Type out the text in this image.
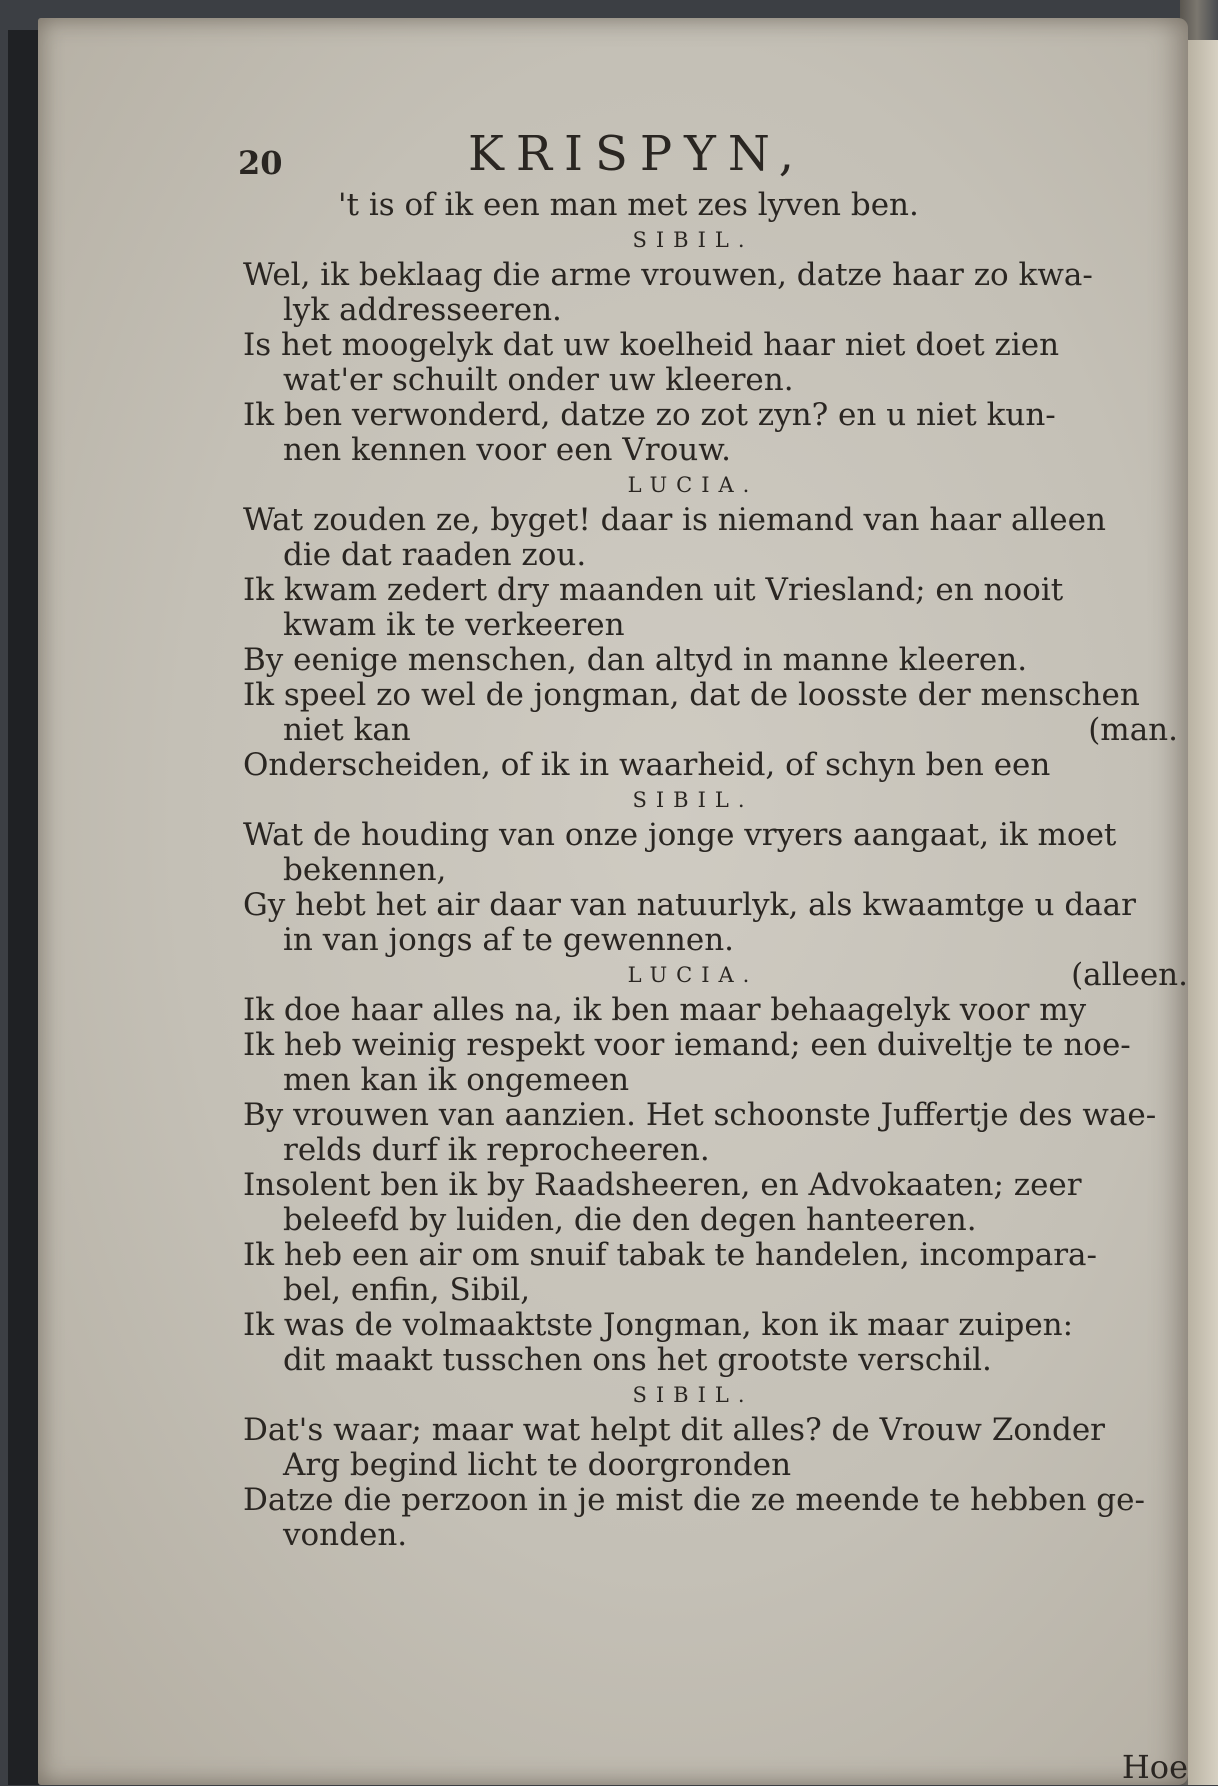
20	KRISPYN,
't is of ik een man met zes lyven ben.
SIBIL.
Wel, ik beklaag die arme vrouwen, datze haar zo kwa-
lyk addresseeren.
Is het moogelyk dat uw koelheid haar niet doet zien
wat'er schuilt onder uw kleeren.
Ik ben verwonderd, datze zo zot zyn? en u niet kun-
nen kennen voor een Vrouw.
LUCIA.
Wat zouden ze, byget! daar is niemand van haar alleen
die dat raaden zou.
Ik kwam zedert dry maanden uit Vriesland; en nooit
kwam ik te verkeeren
By eenige menschen, dan altyd in manne kleeren.
Ik speel zo wel de jongman, dat de loosste der menschen
niet kan	(man.
Onderscheiden, of ik in waarheid, of schyn ben een
SIBIL.
Wat de houding van onze jonge vryers aangaat, ik moet
bekennen,
Gy hebt het air daar van natuurlyk, als kwaamtge u daar
in van jongs af te gewennen.
LUCIA.	(alleen.
Ik doe haar alles na, ik ben maar behaagelyk voor my
Ik heb weinig respekt voor iemand; een duiveltje te noe-
men kan ik ongemeen
By vrouwen van aanzien. Het schoonste Juffertje des wae-
relds durf ik reprocheeren.
Insolent ben ik by Raadsheeren, en Advokaaten; zeer
beleefd by luiden, die den degen hanteeren.
Ik heb een air om snuif tabak te handelen, incompara-
bel, enfin, Sibil,
Ik was de volmaaktste Jongman, kon ik maar zuipen:
dit maakt tusschen ons het grootste verschil.
SIBIL.
Dat's waar; maar wat helpt dit alles? de Vrouw Zonder
Arg begind licht te doorgronden
Datze die perzoon in je mist die ze meende te hebben ge-
vonden.
Hoe
